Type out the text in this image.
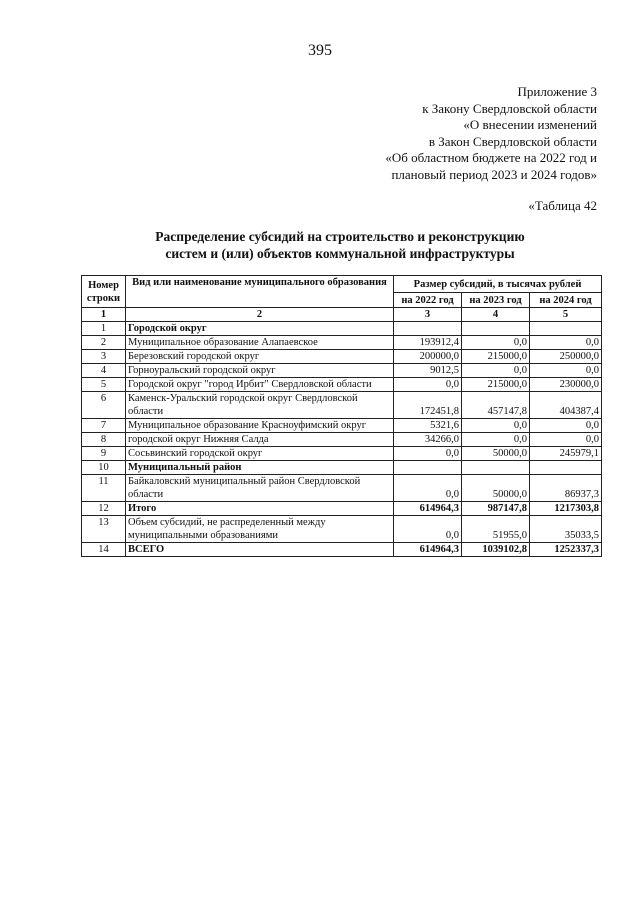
395
Приложение 3
к Закону Свердловской области
«О внесении изменений
в Закон Свердловской области
«Об областном бюджете на 2022 год и
плановый период 2023 и 2024 годов»
«Таблица 42
Распределение субсидий на строительство и реконструкцию
систем и (или) объектов коммунальной инфраструктуры
Номер строки	Вид или наименование муниципального образования	Размер субсидий, в тысячах рублей		
		на 2022 год	на 2023 год	на 2024 год
1	2	3	4	5
1	Городской округ			
2	Муниципальное образование Алапаевское	193912,4	0,0	0,0
3	Березовский городской округ	200000,0	215000,0	250000,0
4	Горноуральский городской округ	9012,5	0,0	0,0
5	Городской округ "город Ирбит" Свердловской области	0,0	215000,0	230000,0
6	Каменск-Уральский городской округ Свердловской области	172451,8	457147,8	404387,4
7	Муниципальное образование Красноуфимский округ	5321,6	0,0	0,0
8	городской округ Нижняя Салда	34266,0	0,0	0,0
9	Сосьвинский городской округ	0,0	50000,0	245979,1
10	Муниципальный район			
11	Байкаловский муниципальный район Свердловской области	0,0	50000,0	86937,3
12	Итого	614964,3	987147,8	1217303,8
13	Объем субсидий, не распределенный между муниципальными образованиями	0,0	51955,0	35033,5
14	ВСЕГО	614964,3	1039102,8	1252337,3
